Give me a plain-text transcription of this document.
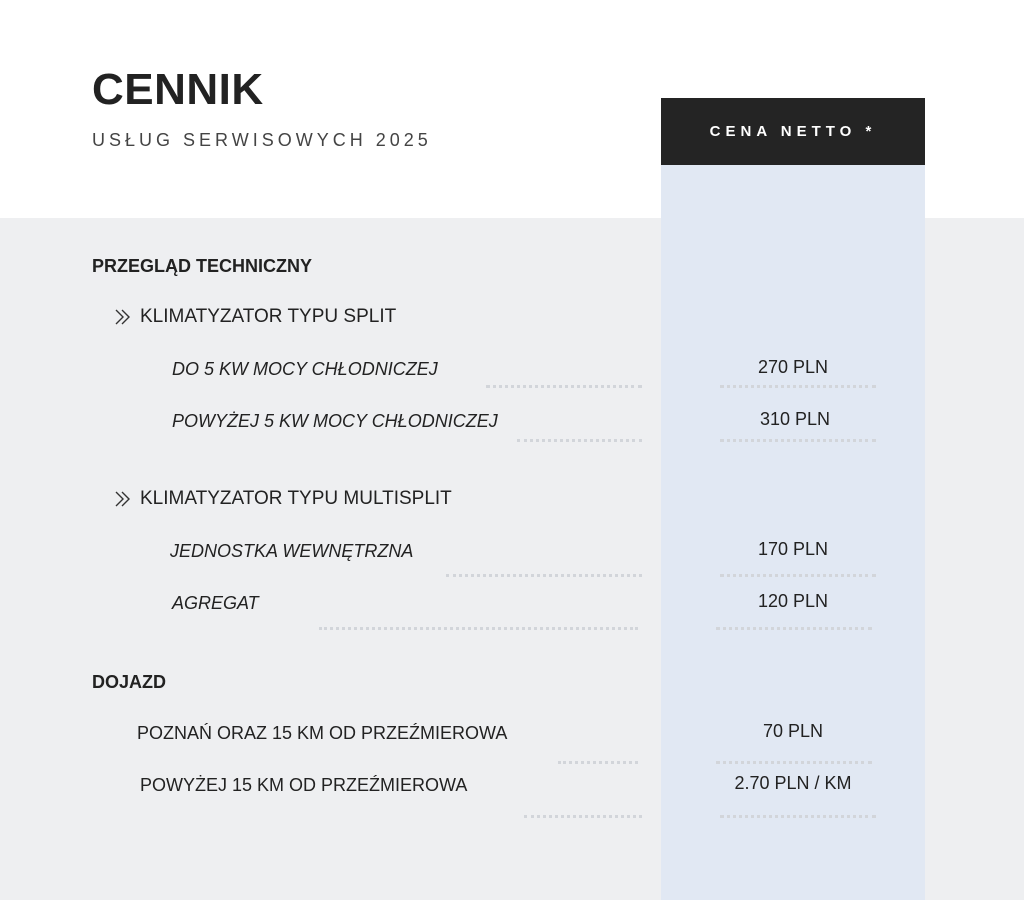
CENA NETTO *
CENNIK
USŁUG SERWISOWYCH 2025
PRZEGLĄD TECHNICZNY
KLIMATYZATOR TYPU SPLIT
DO 5 KW MOCY CHŁODNICZEJ	270 PLN
POWYŻEJ 5 KW MOCY CHŁODNICZEJ	310 PLN
KLIMATYZATOR TYPU MULTISPLIT
JEDNOSTKA WEWNĘTRZNA	170 PLN
AGREGAT	120 PLN
DOJAZD
POZNAŃ ORAZ 15 KM OD PRZEŹMIEROWA	70 PLN
POWYŻEJ 15 KM OD PRZEŹMIEROWA	2.70 PLN / KM
